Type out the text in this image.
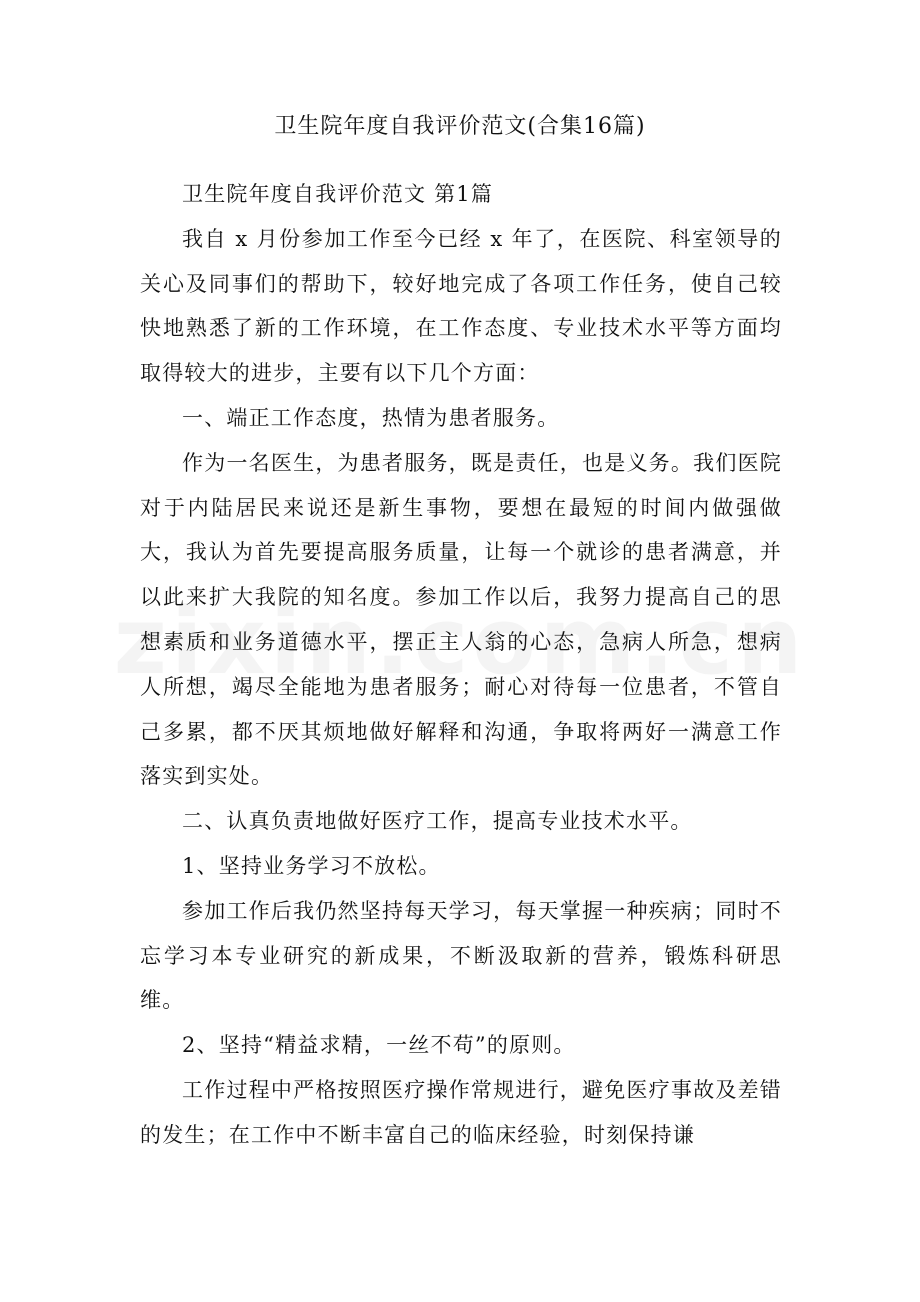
卫生院年度自我评价范文(合集16篇)

卫生院年度自我评价范文 第1篇

我自 x 月份参加工作至今已经 x 年了，在医院、科室领导的关心及同事们的帮助下，较好地完成了各项工作任务，使自己较快地熟悉了新的工作环境，在工作态度、专业技术水平等方面均取得较大的进步，主要有以下几个方面：

一、端正工作态度，热情为患者服务。

作为一名医生，为患者服务，既是责任，也是义务。我们医院对于内陆居民来说还是新生事物，要想在最短的时间内做强做大，我认为首先要提高服务质量，让每一个就诊的患者满意，并以此来扩大我院的知名度。参加工作以后，我努力提高自己的思想素质和业务道德水平，摆正主人翁的心态，急病人所急，想病人所想，竭尽全能地为患者服务；耐心对待每一位患者，不管自己多累，都不厌其烦地做好解释和沟通，争取将两好一满意工作落实到实处。

二、认真负责地做好医疗工作，提高专业技术水平。

1、坚持业务学习不放松。

参加工作后我仍然坚持每天学习，每天掌握一种疾病；同时不忘学习本专业研究的新成果，不断汲取新的营养，锻炼科研思维。

2、坚持“精益求精，一丝不苟”的原则。

工作过程中严格按照医疗操作常规进行，避免医疗事故及差错的发生；在工作中不断丰富自己的临床经验，时刻保持谦
